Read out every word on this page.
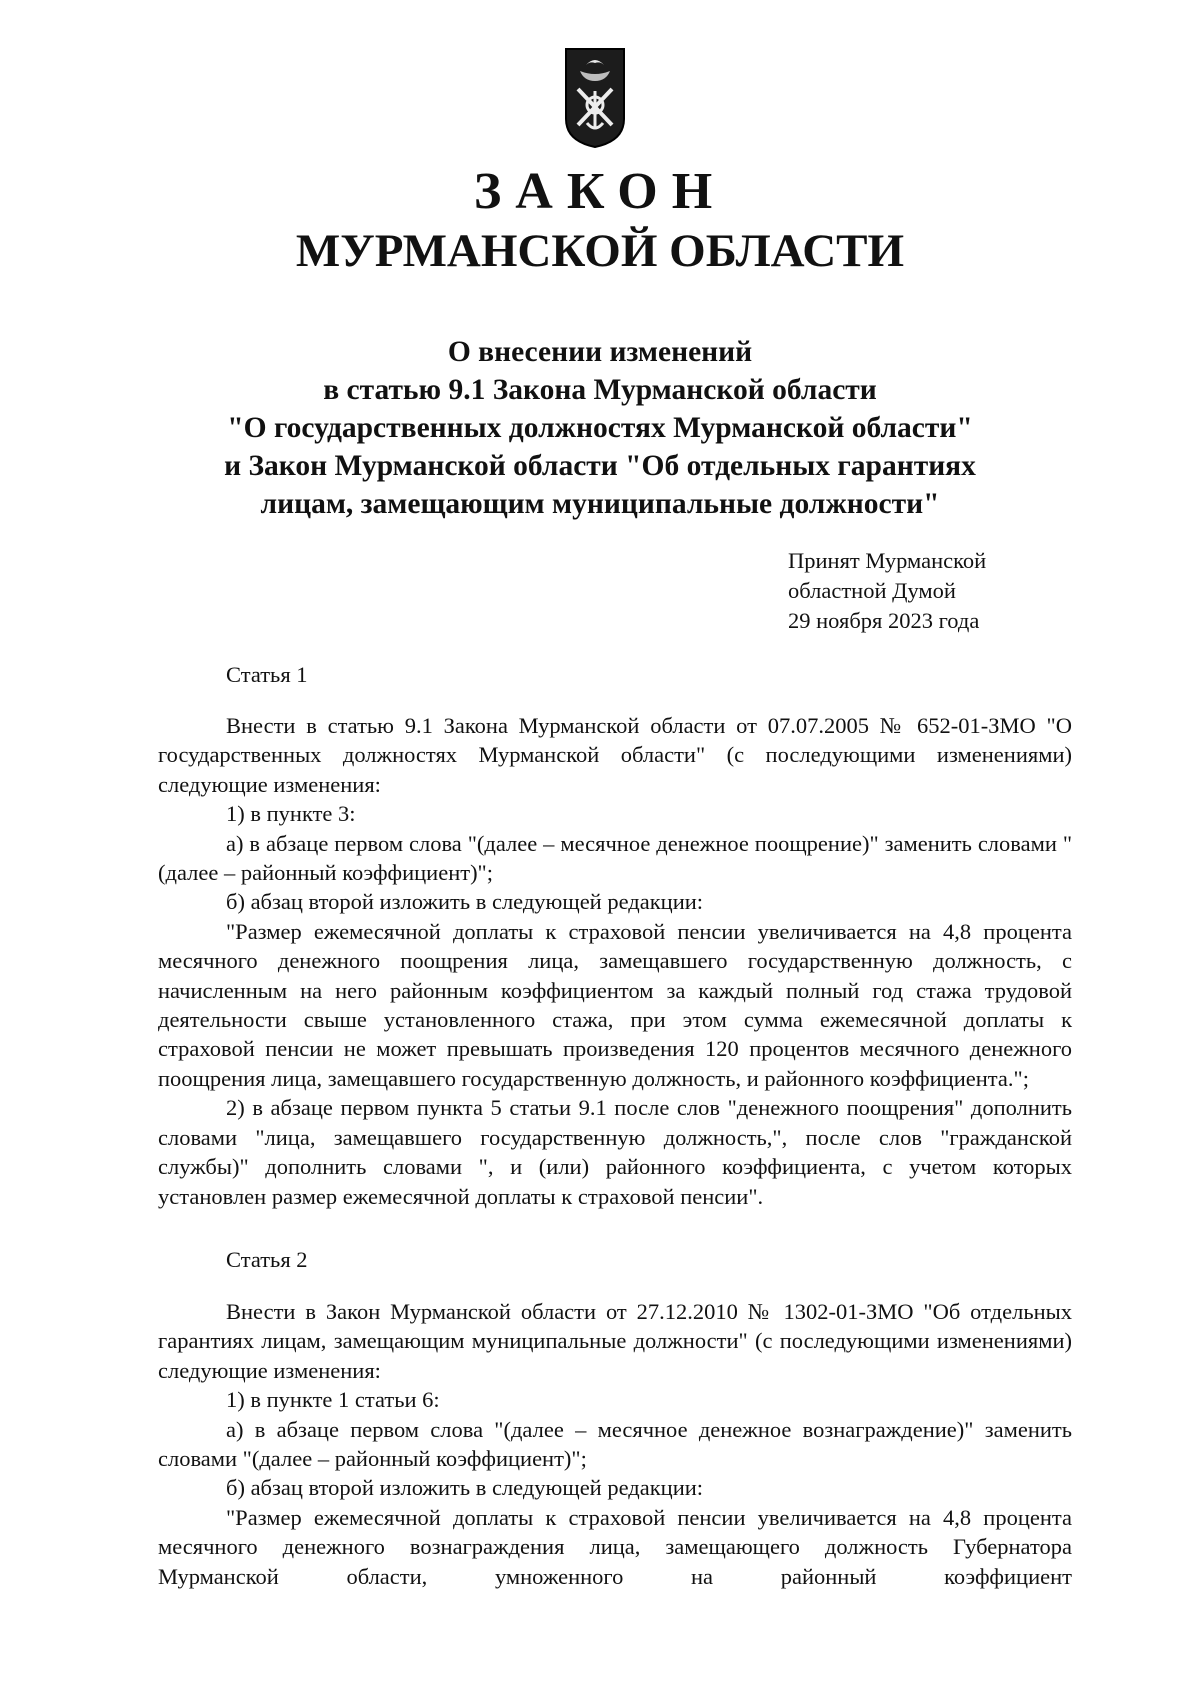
ЗАКОН
МУРМАНСКОЙ ОБЛАСТИ
О внесении изменений
в статью 9.1 Закона Мурманской области
"О государственных должностях Мурманской области"
и Закон Мурманской области "Об отдельных гарантиях
лицам, замещающим муниципальные должности"
Принят Мурманской
областной Думой
29 ноября 2023 года
Статья 1

Внести в статью 9.1 Закона Мурманской области от 07.07.2005 № 652-01-ЗМО "О государственных должностях Мурманской области" (с последующими изменениями) следующие изменения:

1) в пункте 3:

а) в абзаце первом слова "(далее – месячное денежное поощрение)" заменить словами "(далее – районный коэффициент)";

б) абзац второй изложить в следующей редакции:

"Размер ежемесячной доплаты к страховой пенсии увеличивается на 4,8 процента месячного денежного поощрения лица, замещавшего государственную должность, с начисленным на него районным коэффициентом за каждый полный год стажа трудовой деятельности свыше установленного стажа, при этом сумма ежемесячной доплаты к страховой пенсии не может превышать произведения 120 процентов месячного денежного поощрения лица, замещавшего государственную должность, и районного коэффициента.";

2) в абзаце первом пункта 5 статьи 9.1 после слов "денежного поощрения" дополнить словами "лица, замещавшего государственную должность,", после слов "гражданской службы)" дополнить словами ", и (или) районного коэффициента, с учетом которых установлен размер ежемесячной доплаты к страховой пенсии".

Статья 2

Внести в Закон Мурманской области от 27.12.2010 № 1302-01-ЗМО "Об отдельных гарантиях лицам, замещающим муниципальные должности" (с последующими изменениями) следующие изменения:

1) в пункте 1 статьи 6:

а) в абзаце первом слова "(далее – месячное денежное вознаграждение)" заменить словами "(далее – районный коэффициент)";

б) абзац второй изложить в следующей редакции:

"Размер ежемесячной доплаты к страховой пенсии увеличивается на 4,8 процента месячного денежного вознаграждения лица, замещающего должность Губернатора Мурманской области, умноженного на районный коэффициент
